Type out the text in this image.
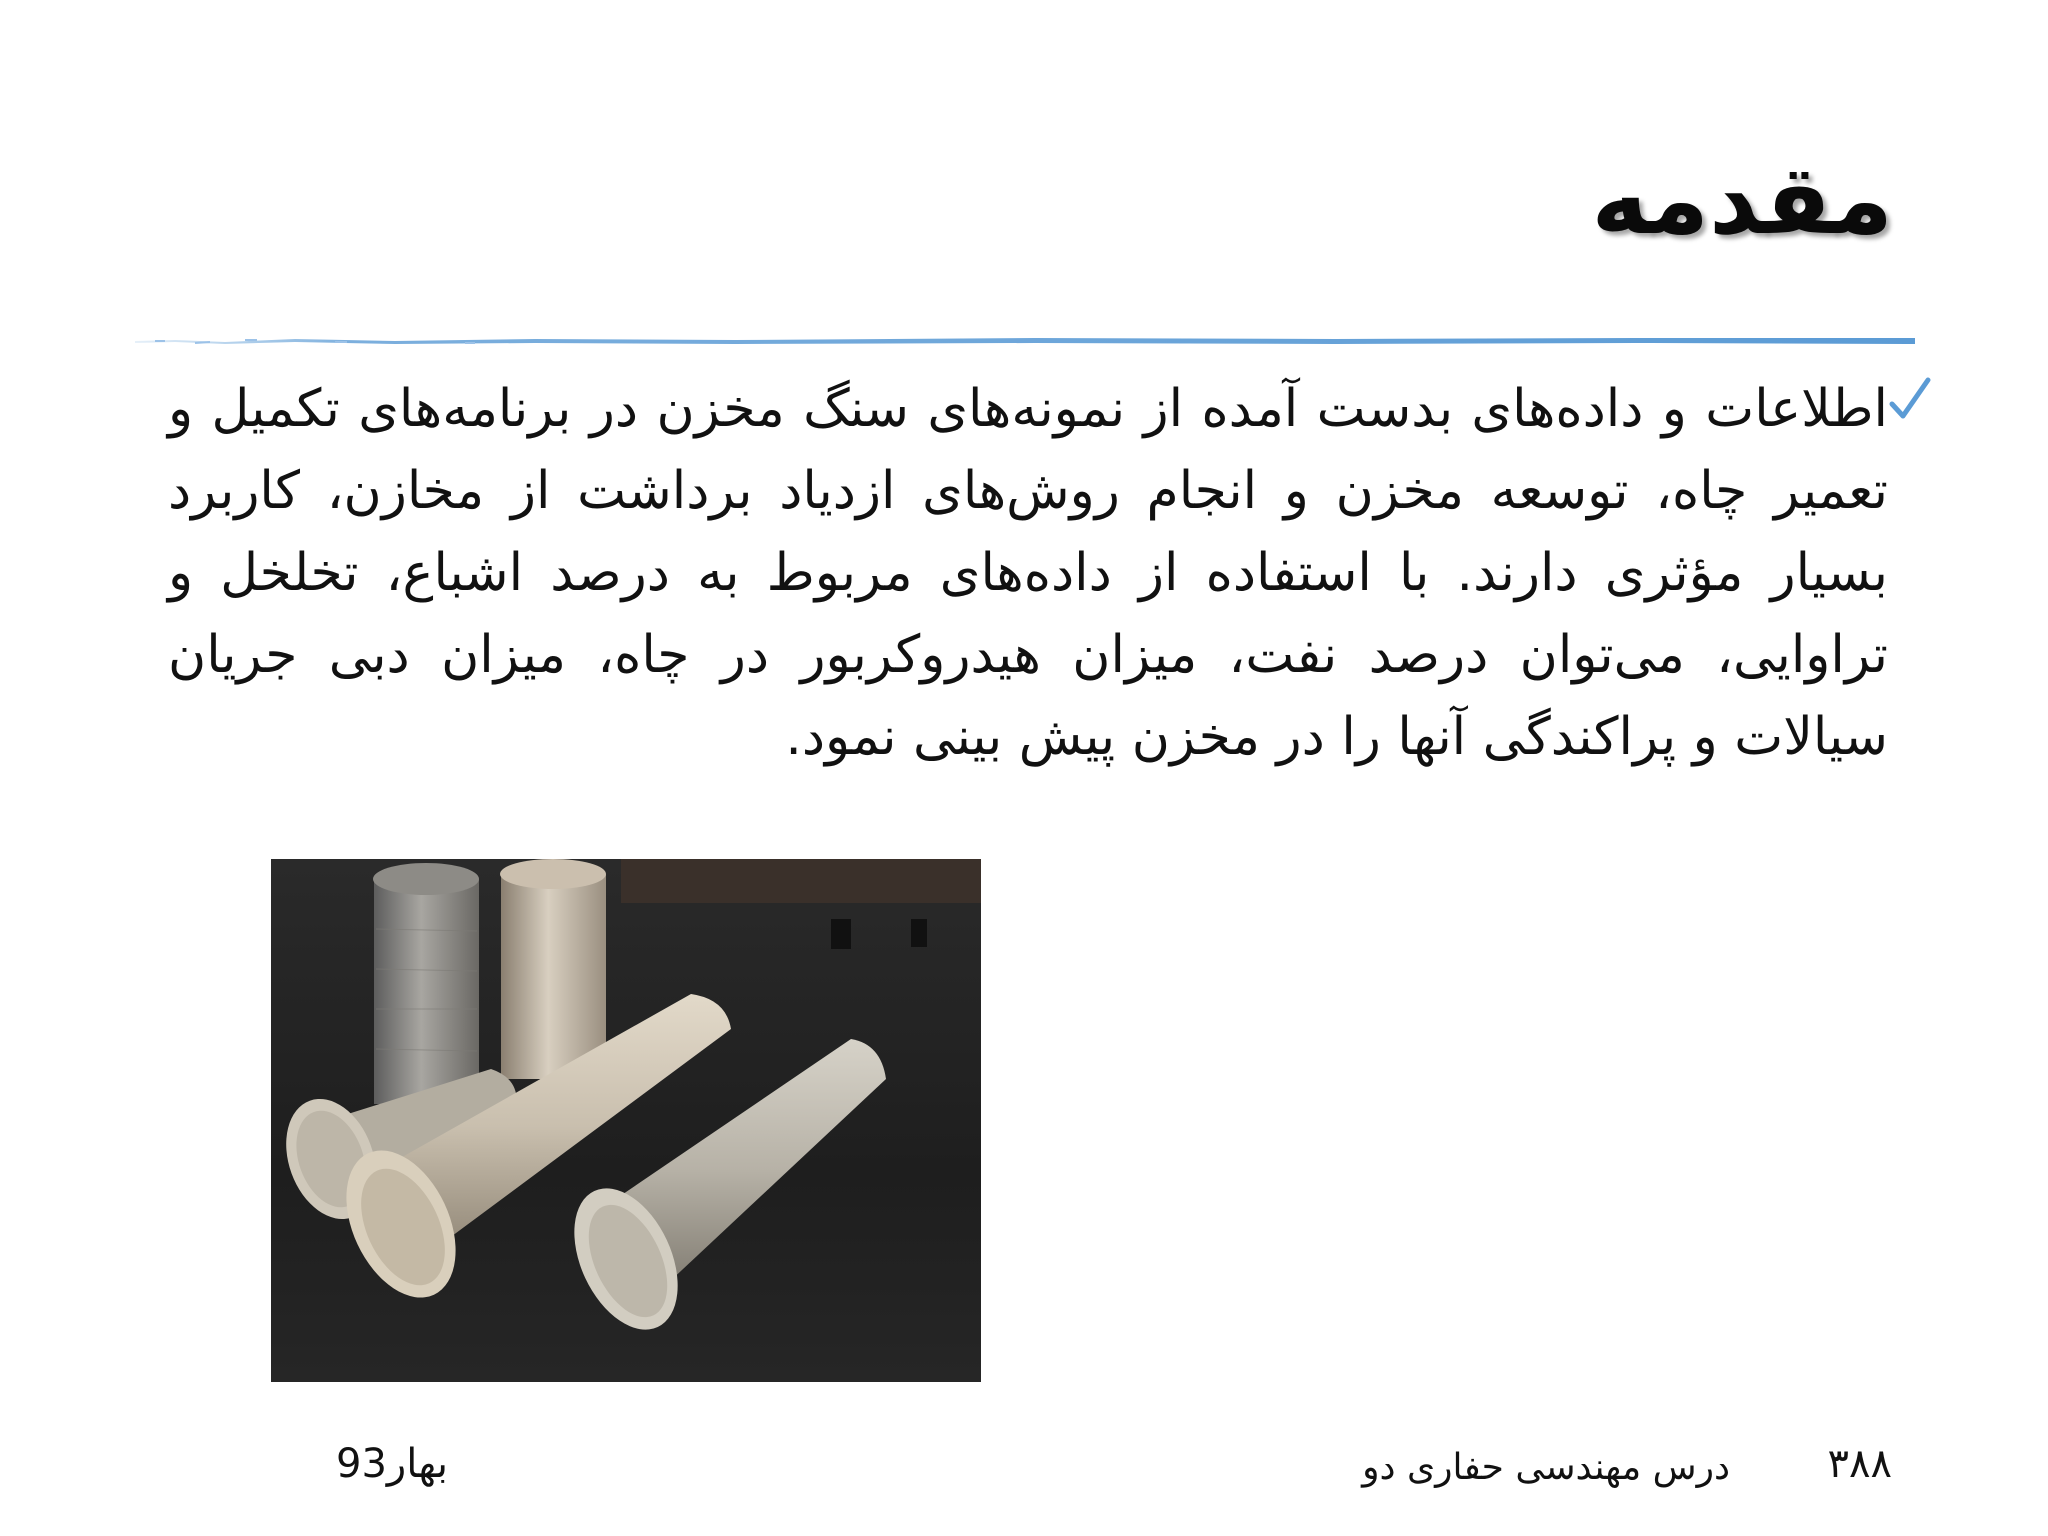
مقدمه
اطلاعات و داده‌های بدست آمده از نمونه‌های سنگ مخزن در برنامه‌های تکمیل و تعمیر چاه، توسعه مخزن و انجام روش‌های ازدیاد برداشت از مخازن، کاربرد بسیار مؤثری دارند. با استفاده از داده‌های مربوط به درصد اشباع، تخلخل و تراوایی، می‌توان درصد نفت، میزان هیدروکربور در چاه، میزان دبی جریان سیالات و پراکندگی آنها را در مخزن پیش بینی نمود.
۳۸۸
درس مهندسی حفاری دو
بهار93
